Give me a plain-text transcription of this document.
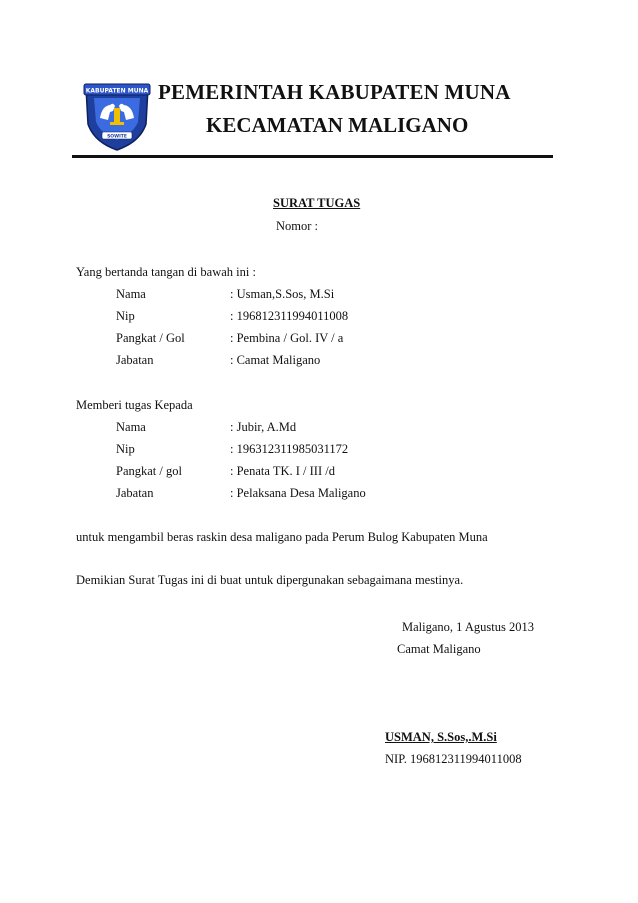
KABUPATEN MUNA
SOWITE
PEMERINTAH KABUPATEN MUNA
KECAMATAN MALIGANO
SURAT TUGAS
Nomor :
Yang bertanda tangan di bawah ini :
Nama	: Usman,S.Sos, M.Si
Nip	: 196812311994011008
Pangkat / Gol	: Pembina / Gol. IV / a
Jabatan	: Camat Maligano
Memberi tugas Kepada
Nama	: Jubir, A.Md
Nip	: 196312311985031172
Pangkat / gol	: Penata TK. I / III /d
Jabatan	: Pelaksana Desa Maligano
untuk mengambil beras raskin desa maligano pada Perum Bulog Kabupaten Muna
Demikian Surat Tugas ini di buat untuk dipergunakan sebagaimana mestinya.
Maligano, 1 Agustus 2013
Camat Maligano
USMAN, S.Sos,.M.Si
NIP. 196812311994011008
